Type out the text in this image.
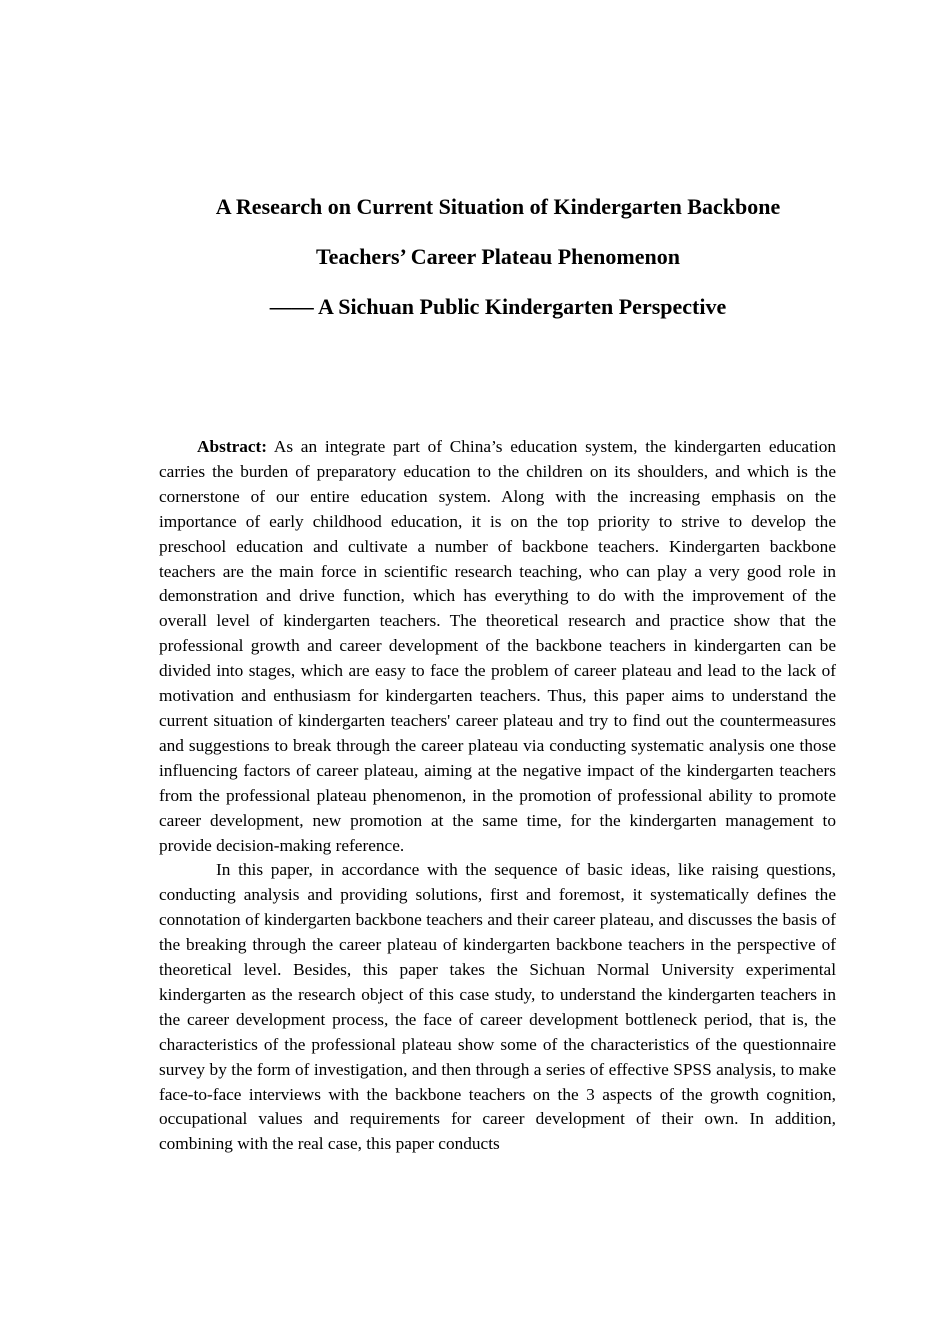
A Research on Current Situation of Kindergarten Backbone
Teachers’ Career Plateau Phenomenon
—— A Sichuan Public Kindergarten Perspective

Abstract: As an integrate part of China’s education system, the kindergarten education carries the burden of preparatory education to the children on its shoulders, and which is the cornerstone of our entire education system. Along with the increasing emphasis on the importance of early childhood education, it is on the top priority to strive to develop the preschool education and cultivate a number of backbone teachers. Kindergarten backbone teachers are the main force in scientific research teaching, who can play a very good role in demonstration and drive function, which has everything to do with the improvement of the overall level of kindergarten teachers. The theoretical research and practice show that the professional growth and career development of the backbone teachers in kindergarten can be divided into stages, which are easy to face the problem of career plateau and lead to the lack of motivation and enthusiasm for kindergarten teachers. Thus, this paper aims to understand the current situation of kindergarten teachers' career plateau and try to find out the countermeasures and suggestions to break through the career plateau via conducting systematic analysis one those influencing factors of career plateau, aiming at the negative impact of the kindergarten teachers from the professional plateau phenomenon, in the promotion of professional ability to promote career development, new promotion at the same time, for the kindergarten management to provide decision-making reference.

In this paper, in accordance with the sequence of basic ideas, like raising questions, conducting analysis and providing solutions, first and foremost, it systematically defines the connotation of kindergarten backbone teachers and their career plateau, and discusses the basis of the breaking through the career plateau of kindergarten backbone teachers in the perspective of theoretical level. Besides, this paper takes the Sichuan Normal University experimental kindergarten as the research object of this case study, to understand the kindergarten teachers in the career development process, the face of career development bottleneck period, that is, the characteristics of the professional plateau show some of the characteristics of the questionnaire survey by the form of investigation, and then through a series of effective SPSS analysis, to make face-to-face interviews with the backbone teachers on the 3 aspects of the growth cognition, occupational values and requirements for career development of their own. In addition, combining with the real case, this paper conducts
